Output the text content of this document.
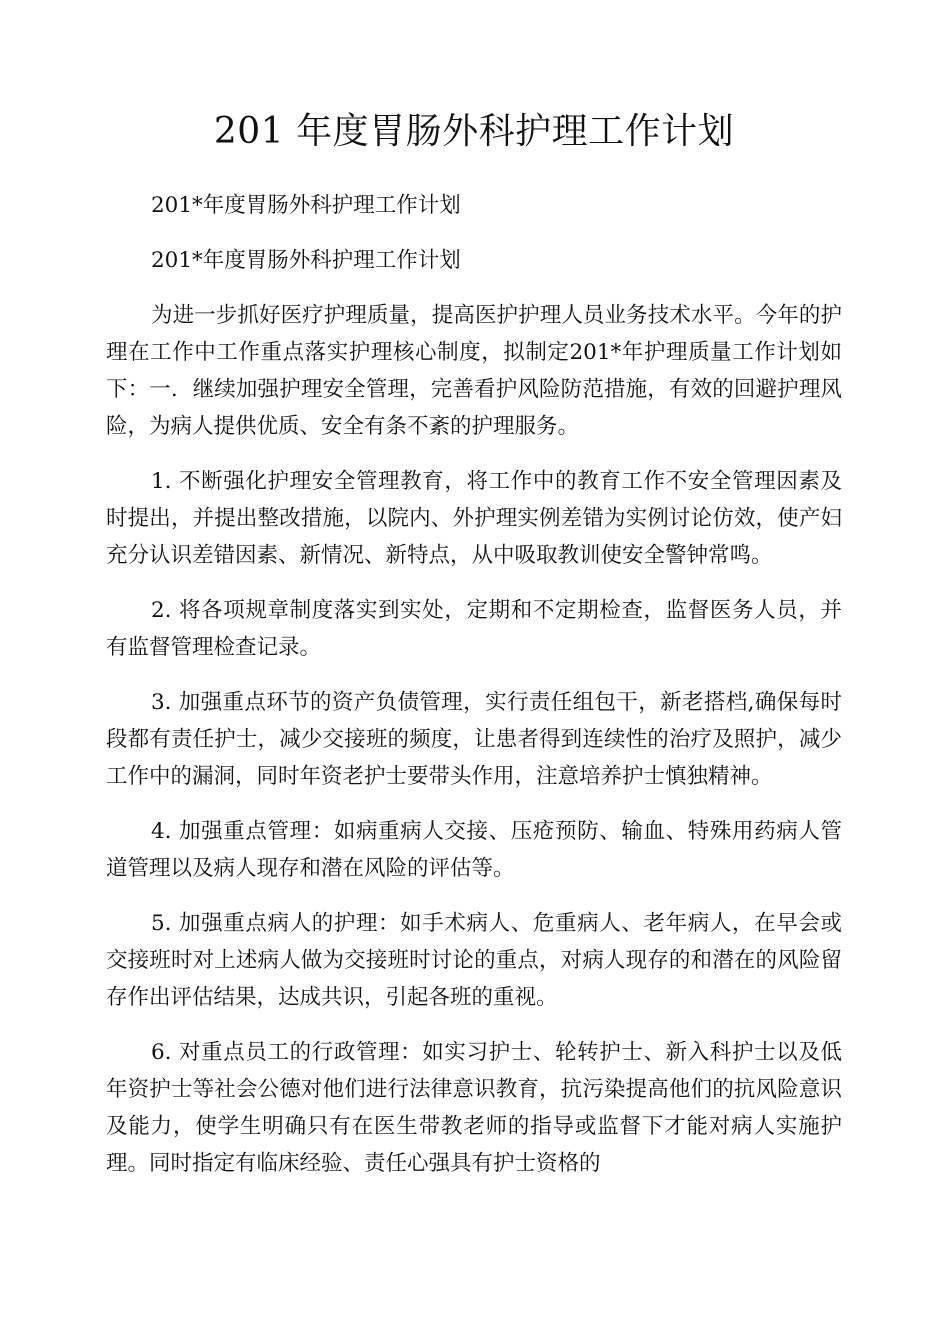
201 年度胃肠外科护理工作计划

201*年度胃肠外科护理工作计划

201*年度胃肠外科护理工作计划

为进一步抓好医疗护理质量，提高医护护理人员业务技术水平。今年的护理在工作中工作重点落实护理核心制度，拟制定201*年护理质量工作计划如下：一．继续加强护理安全管理，完善看护风险防范措施，有效的回避护理风险，为病人提供优质、安全有条不紊的护理服务。

1. 不断强化护理安全管理教育，将工作中的教育工作不安全管理因素及时提出，并提出整改措施，以院内、外护理实例差错为实例讨论仿效，使产妇充分认识差错因素、新情况、新特点，从中吸取教训使安全警钟常鸣。

2. 将各项规章制度落实到实处，定期和不定期检查，监督医务人员，并有监督管理检查记录。

3. 加强重点环节的资产负债管理，实行责任组包干，新老搭档,确保每时段都有责任护士，减少交接班的频度，让患者得到连续性的治疗及照护，减少工作中的漏洞，同时年资老护士要带头作用，注意培养护士慎独精神。

4. 加强重点管理：如病重病人交接、压疮预防、输血、特殊用药病人管道管理以及病人现存和潜在风险的评估等。

5. 加强重点病人的护理：如手术病人、危重病人、老年病人，在早会或交接班时对上述病人做为交接班时讨论的重点，对病人现存的和潜在的风险留存作出评估结果，达成共识，引起各班的重视。

6. 对重点员工的行政管理：如实习护士、轮转护士、新入科护士以及低年资护士等社会公德对他们进行法律意识教育，抗污染提高他们的抗风险意识及能力，使学生明确只有在医生带教老师的指导或监督下才能对病人实施护理。同时指定有临床经验、责任心强具有护士资格的
